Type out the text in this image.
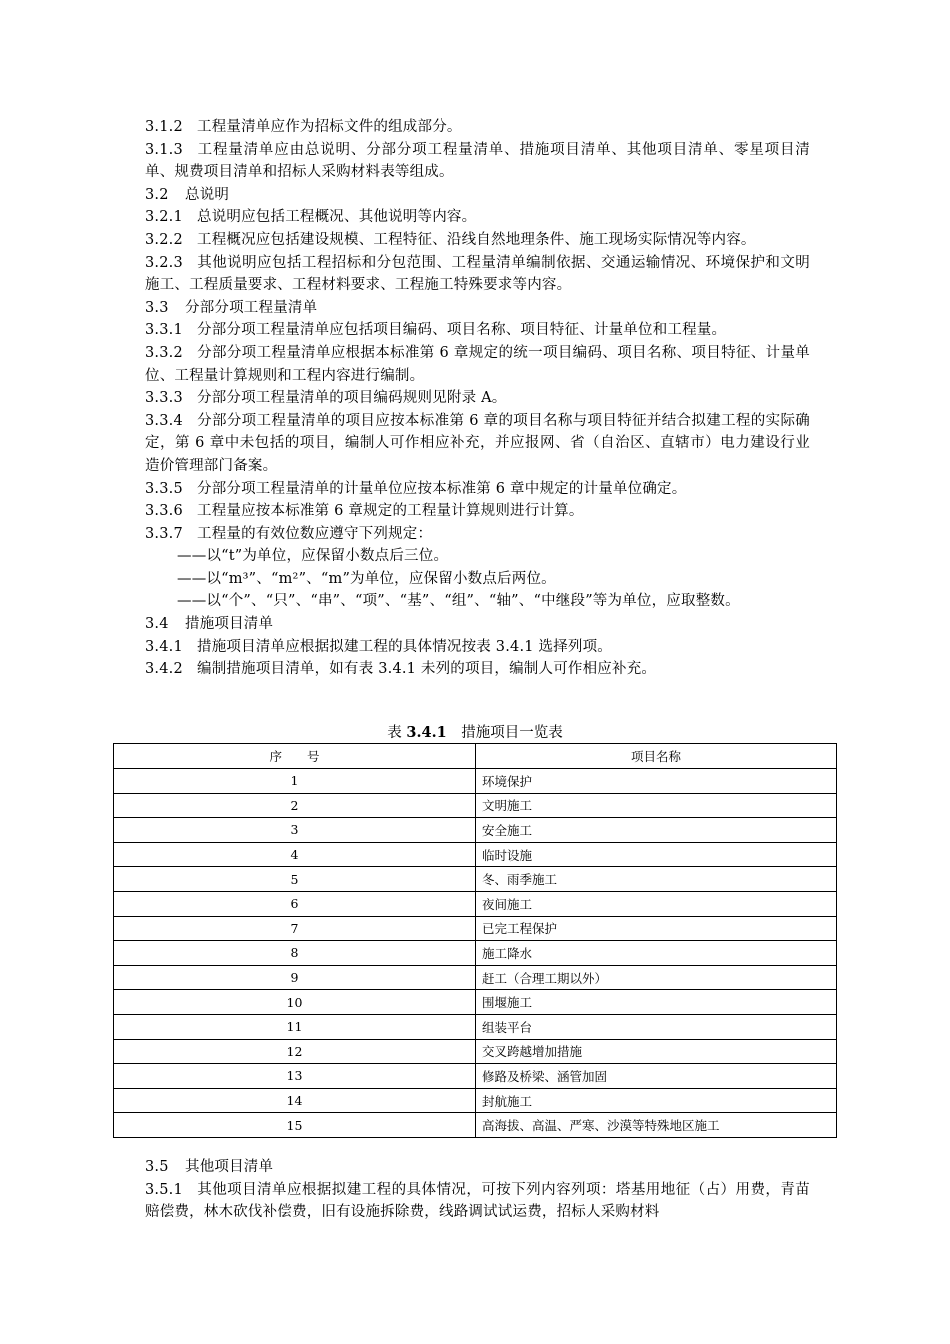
3.1.2 工程量清单应作为招标文件的组成部分。

3.1.3 工程量清单应由总说明、分部分项工程量清单、措施项目清单、其他项目清单、零星项目清单、规费项目清单和招标人采购材料表等组成。

3.2 总说明

3.2.1 总说明应包括工程概况、其他说明等内容。

3.2.2 工程概况应包括建设规模、工程特征、沿线自然地理条件、施工现场实际情况等内容。

3.2.3 其他说明应包括工程招标和分包范围、工程量清单编制依据、交通运输情况、环境保护和文明施工、工程质量要求、工程材料要求、工程施工特殊要求等内容。

3.3 分部分项工程量清单

3.3.1 分部分项工程量清单应包括项目编码、项目名称、项目特征、计量单位和工程量。

3.3.2 分部分项工程量清单应根据本标准第 6 章规定的统一项目编码、项目名称、项目特征、计量单位、工程量计算规则和工程内容进行编制。

3.3.3 分部分项工程量清单的项目编码规则见附录 A。

3.3.4 分部分项工程量清单的项目应按本标准第 6 章的项目名称与项目特征并结合拟建工程的实际确定，第 6 章中未包括的项目，编制人可作相应补充，并应报网、省（自治区、直辖市）电力建设行业造价管理部门备案。

3.3.5 分部分项工程量清单的计量单位应按本标准第 6 章中规定的计量单位确定。

3.3.6 工程量应按本标准第 6 章规定的工程量计算规则进行计算。

3.3.7 工程量的有效位数应遵守下列规定：

——以“t”为单位，应保留小数点后三位。

——以“m³”、“m²”、“m”为单位，应保留小数点后两位。

——以“个”、“只”、“串”、“项”、“基”、“组”、“轴”、“中继段”等为单位，应取整数。

3.4 措施项目清单

3.4.1 措施项目清单应根据拟建工程的具体情况按表 3.4.1 选择列项。

3.4.2 编制措施项目清单，如有表 3.4.1 未列的项目，编制人可作相应补充。

表 3.4.1　 措施项目一览表
序　　号	项目名称
1	环境保护
2	文明施工
3	安全施工
4	临时设施
5	冬、雨季施工
6	夜间施工
7	已完工程保护
8	施工降水
9	赶工（合理工期以外）
10	围堰施工
11	组装平台
12	交叉跨越增加措施
13	修路及桥梁、涵管加固
14	封航施工
15	高海拔、高温、严寒、沙漠等特殊地区施工

3.5 其他项目清单

3.5.1 其他项目清单应根据拟建工程的具体情况，可按下列内容列项：塔基用地征（占）用费，青苗赔偿费，林木砍伐补偿费，旧有设施拆除费，线路调试试运费，招标人采购材料
